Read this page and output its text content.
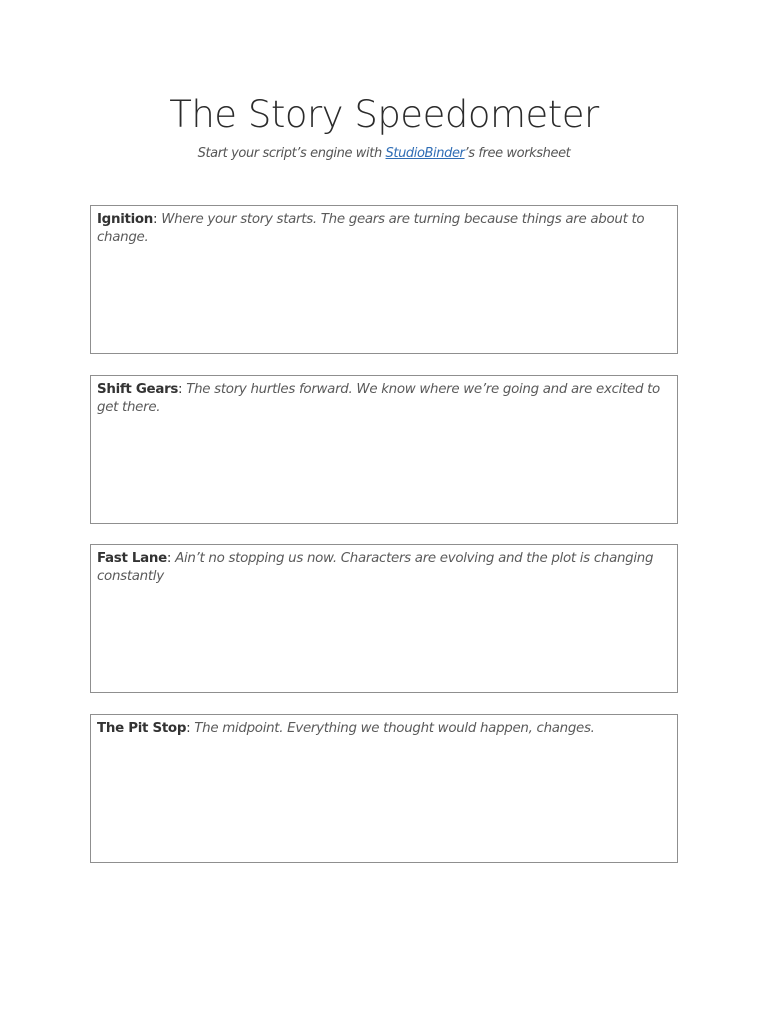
The Story Speedometer
Start your script’s engine with StudioBinder’s free worksheet
Ignition: Where your story starts. The gears are turning because things are about to change.
Shift Gears: The story hurtles forward. We know where we’re going and are excited to get there.
Fast Lane: Ain’t no stopping us now. Characters are evolving and the plot is changing constantly
The Pit Stop: The midpoint. Everything we thought would happen, changes.
